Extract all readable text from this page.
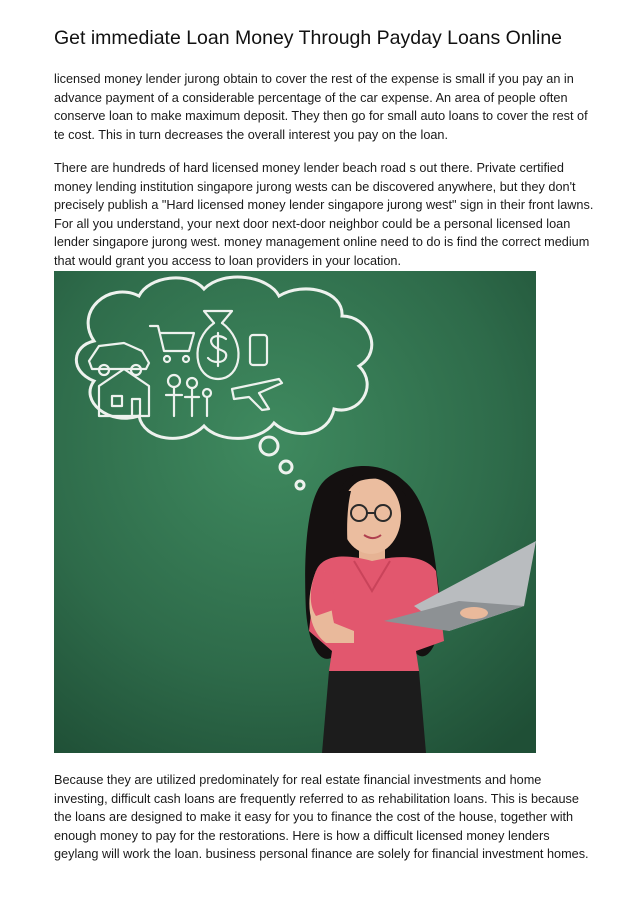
Get immediate Loan Money Through Payday Loans Online

licensed money lender jurong obtain to cover the rest of the expense is small if you pay an in advance payment of a considerable percentage of the car expense. An area of people often conserve loan to make maximum deposit. They then go for small auto loans to cover the rest of te cost. This in turn decreases the overall interest you pay on the loan.

There are hundreds of hard licensed money lender beach road s out there. Private certified money lending institution singapore jurong wests can be discovered anywhere, but they don't precisely publish a "Hard licensed money lender singapore jurong west" sign in their front lawns. For all you understand, your next door next-door neighbor could be a personal licensed loan lender singapore jurong west. money management online need to do is find the correct medium that would grant you access to loan providers in your location.

Because they are utilized predominately for real estate financial investments and home investing, difficult cash loans are frequently referred to as rehabilitation loans. This is because the loans are designed to make it easy for you to finance the cost of the house, together with enough money to pay for the restorations. Here is how a difficult licensed money lenders geylang will work the loan. business personal finance are solely for financial investment homes.
